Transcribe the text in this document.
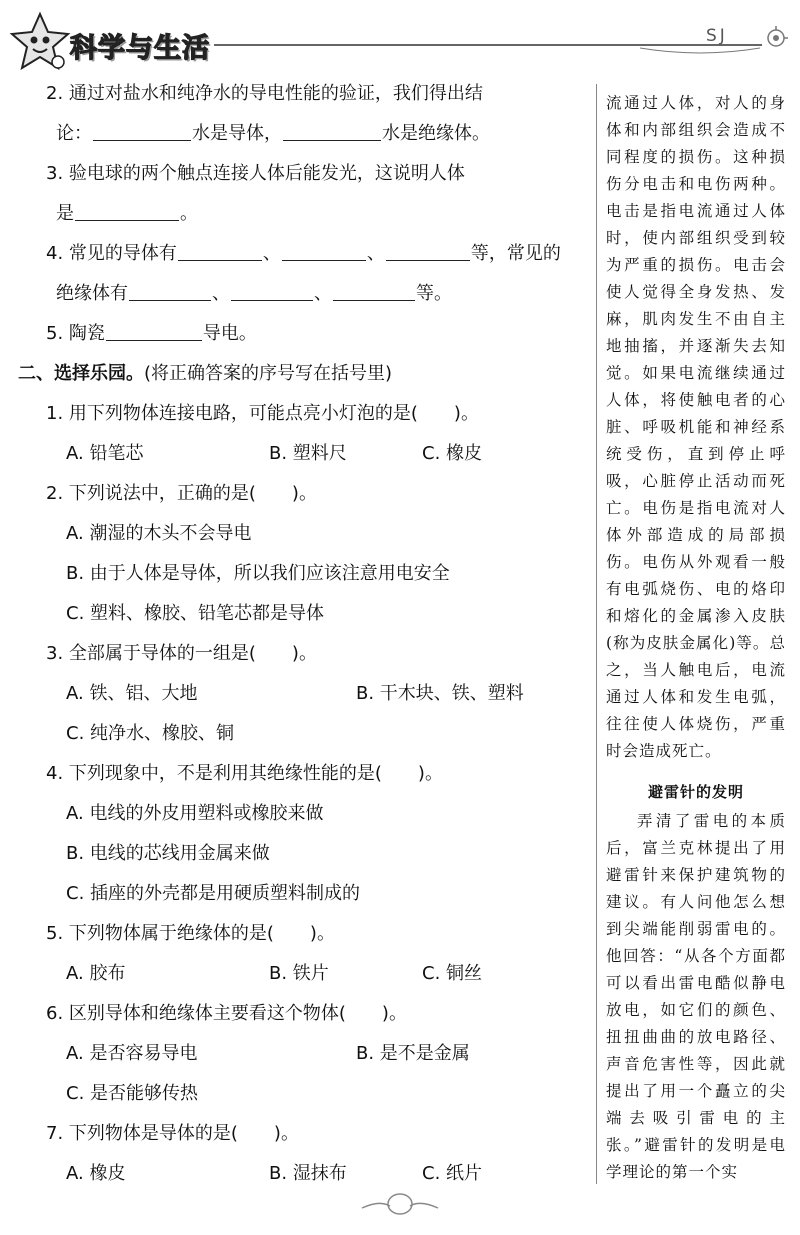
科学与生活	SJ
2. 通过对盐水和纯净水的导电性能的验证，我们得出结
论：	水是导体，	水是绝缘体。
3. 验电球的两个触点连接人体后能发光，这说明人体
是	。
4. 常见的导体有	、	、	等，常见的
绝缘体有	、	、	等。
5. 陶瓷	导电。
二、选择乐园。(将正确答案的序号写在括号里)
1. 用下列物体连接电路，可能点亮小灯泡的是( )。
A. 铅笔芯	B. 塑料尺	C. 橡皮
2. 下列说法中，正确的是( )。
A. 潮湿的木头不会导电
B. 由于人体是导体，所以我们应该注意用电安全
C. 塑料、橡胶、铅笔芯都是导体
3. 全部属于导体的一组是( )。
A. 铁、铝、大地	B. 干木块、铁、塑料
C. 纯净水、橡胶、铜
4. 下列现象中，不是利用其绝缘性能的是( )。
A. 电线的外皮用塑料或橡胶来做
B. 电线的芯线用金属来做
C. 插座的外壳都是用硬质塑料制成的
5. 下列物体属于绝缘体的是( )。
A. 胶布	B. 铁片	C. 铜丝
6. 区别导体和绝缘体主要看这个物体( )。
A. 是否容易导电	B. 是不是金属
C. 是否能够传热
7. 下列物体是导体的是( )。
A. 橡皮	B. 湿抹布	C. 纸片

流通过人体，对人的身体和内部组织会造成不同程度的损伤。这种损伤分电击和电伤两种。电击是指电流通过人体时，使内部组织受到较为严重的损伤。电击会使人觉得全身发热、发麻，肌肉发生不由自主地抽搐，并逐渐失去知觉。如果电流继续通过人体，将使触电者的心脏、呼吸机能和神经系统受伤，直到停止呼吸，心脏停止活动而死亡。电伤是指电流对人体外部造成的局部损伤。电伤从外观看一般有电弧烧伤、电的烙印和熔化的金属渗入皮肤(称为皮肤金属化)等。总之，当人触电后，电流通过人体和发生电弧，往往使人体烧伤，严重时会造成死亡。

避雷针的发明

弄清了雷电的本质后，富兰克林提出了用避雷针来保护建筑物的建议。有人问他怎么想到尖端能削弱雷电的。他回答：“从各个方面都可以看出雷电酷似静电放电，如它们的颜色、扭扭曲曲的放电路径、声音危害性等，因此就提出了用一个矗立的尖端去吸引雷电的主张。”避雷针的发明是电学理论的第一个实
